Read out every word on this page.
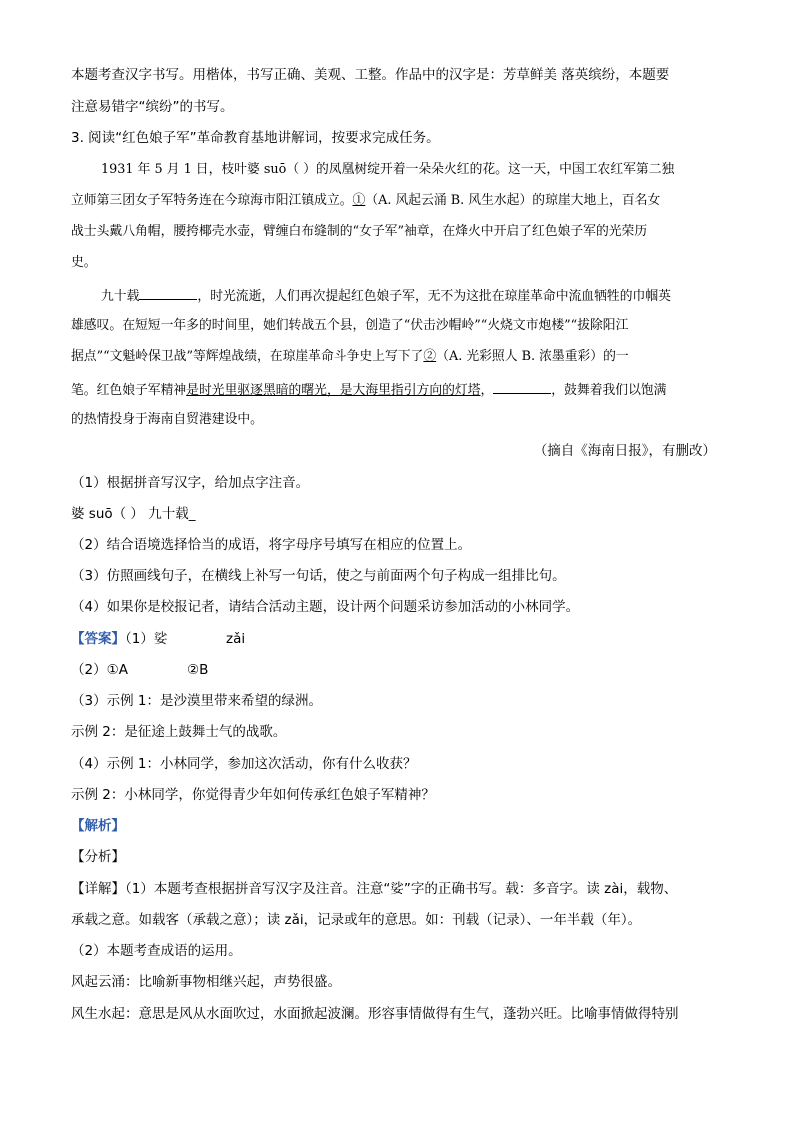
本题考查汉字书写。用楷体，书写正确、美观、工整。作品中的汉字是：芳草鲜美 落英缤纷，本题要
注意易错字“缤纷”的书写。
3. 阅读“红色娘子军”革命教育基地讲解词，按要求完成任务。
1931 年 5 月 1 日，枝叶婆 suō（ ）的凤凰树绽开着一朵朵火红的花。这一天，中国工农红军第二独
立师第三团女子军特务连在今琼海市阳江镇成立。①（A. 风起云涌 B. 风生水起）的琼崖大地上，百名女
战士头戴八角帽，腰挎椰壳水壶，臂缠白布缝制的“女子军”袖章，在烽火中开启了红色娘子军的光荣历
史。
九十载	，时光流逝，人们再次提起红色娘子军，无不为这批在琼崖革命中流血牺牲的巾帼英
雄感叹。在短短一年多的时间里，她们转战五个县，创造了“伏击沙帽岭”“火烧文市炮楼”“拔除阳江
据点”“文魁岭保卫战”等辉煌战绩，在琼崖革命斗争史上写下了②（A. 光彩照人 B. 浓墨重彩）的一
笔。红色娘子军精神是时光里驱逐黑暗的曙光，是大海里指引方向的灯塔，	，鼓舞着我们以饱满
的热情投身于海南自贸港建设中。
（摘自《海南日报》，有删改）
（1）根据拼音写汉字，给加点字注音。
婆 suō（ ） 九十载_
（2）结合语境选择恰当的成语，将字母序号填写在相应的位置上。
（3）仿照画线句子，在横线上补写一句话，使之与前面两个句子构成一组排比句。
（4）如果你是校报记者，请结合活动主题，设计两个问题采访参加活动的小林同学。
【答案】（1）娑	zǎi
（2）①A	②B
（3）示例 1：是沙漠里带来希望的绿洲。
示例 2：是征途上鼓舞士气的战歌。
（4）示例 1：小林同学，参加这次活动，你有什么收获？
示例 2：小林同学，你觉得青少年如何传承红色娘子军精神？
【解析】
【分析】
【详解】（1）本题考查根据拼音写汉字及注音。注意“娑”字的正确书写。载：多音字。读 zài，载物、
承载之意。如载客（承载之意）；读 zǎi，记录或年的意思。如：刊载（记录）、一年半载（年）。
（2）本题考查成语的运用。
风起云涌：比喻新事物相继兴起，声势很盛。
风生水起：意思是风从水面吹过，水面掀起波澜。形容事情做得有生气，蓬勃兴旺。比喻事情做得特别
